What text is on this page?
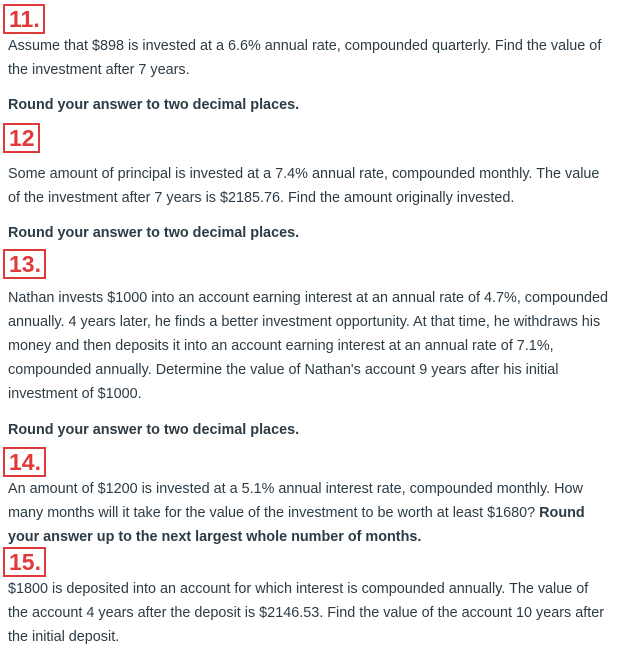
11.

Assume that $898 is invested at a 6.6% annual rate, compounded quarterly. Find the value of the investment after 7 years.

Round your answer to two decimal places.

12

Some amount of principal is invested at a 7.4% annual rate, compounded monthly. The value of the investment after 7 years is $2185.76. Find the amount originally invested.

Round your answer to two decimal places.

13.

Nathan invests $1000 into an account earning interest at an annual rate of 4.7%, compounded annually. 4 years later, he finds a better investment opportunity. At that time, he withdraws his money and then deposits it into an account earning interest at an annual rate of 7.1%, compounded annually. Determine the value of Nathan's account 9 years after his initial investment of $1000.

Round your answer to two decimal places.

14.

An amount of $1200 is invested at a 5.1% annual interest rate, compounded monthly. How many months will it take for the value of the investment to be worth at least $1680? Round your answer up to the next largest whole number of months.

15.

$1800 is deposited into an account for which interest is compounded annually. The value of the account 4 years after the deposit is $2146.53. Find the value of the account 10 years after the initial deposit.
